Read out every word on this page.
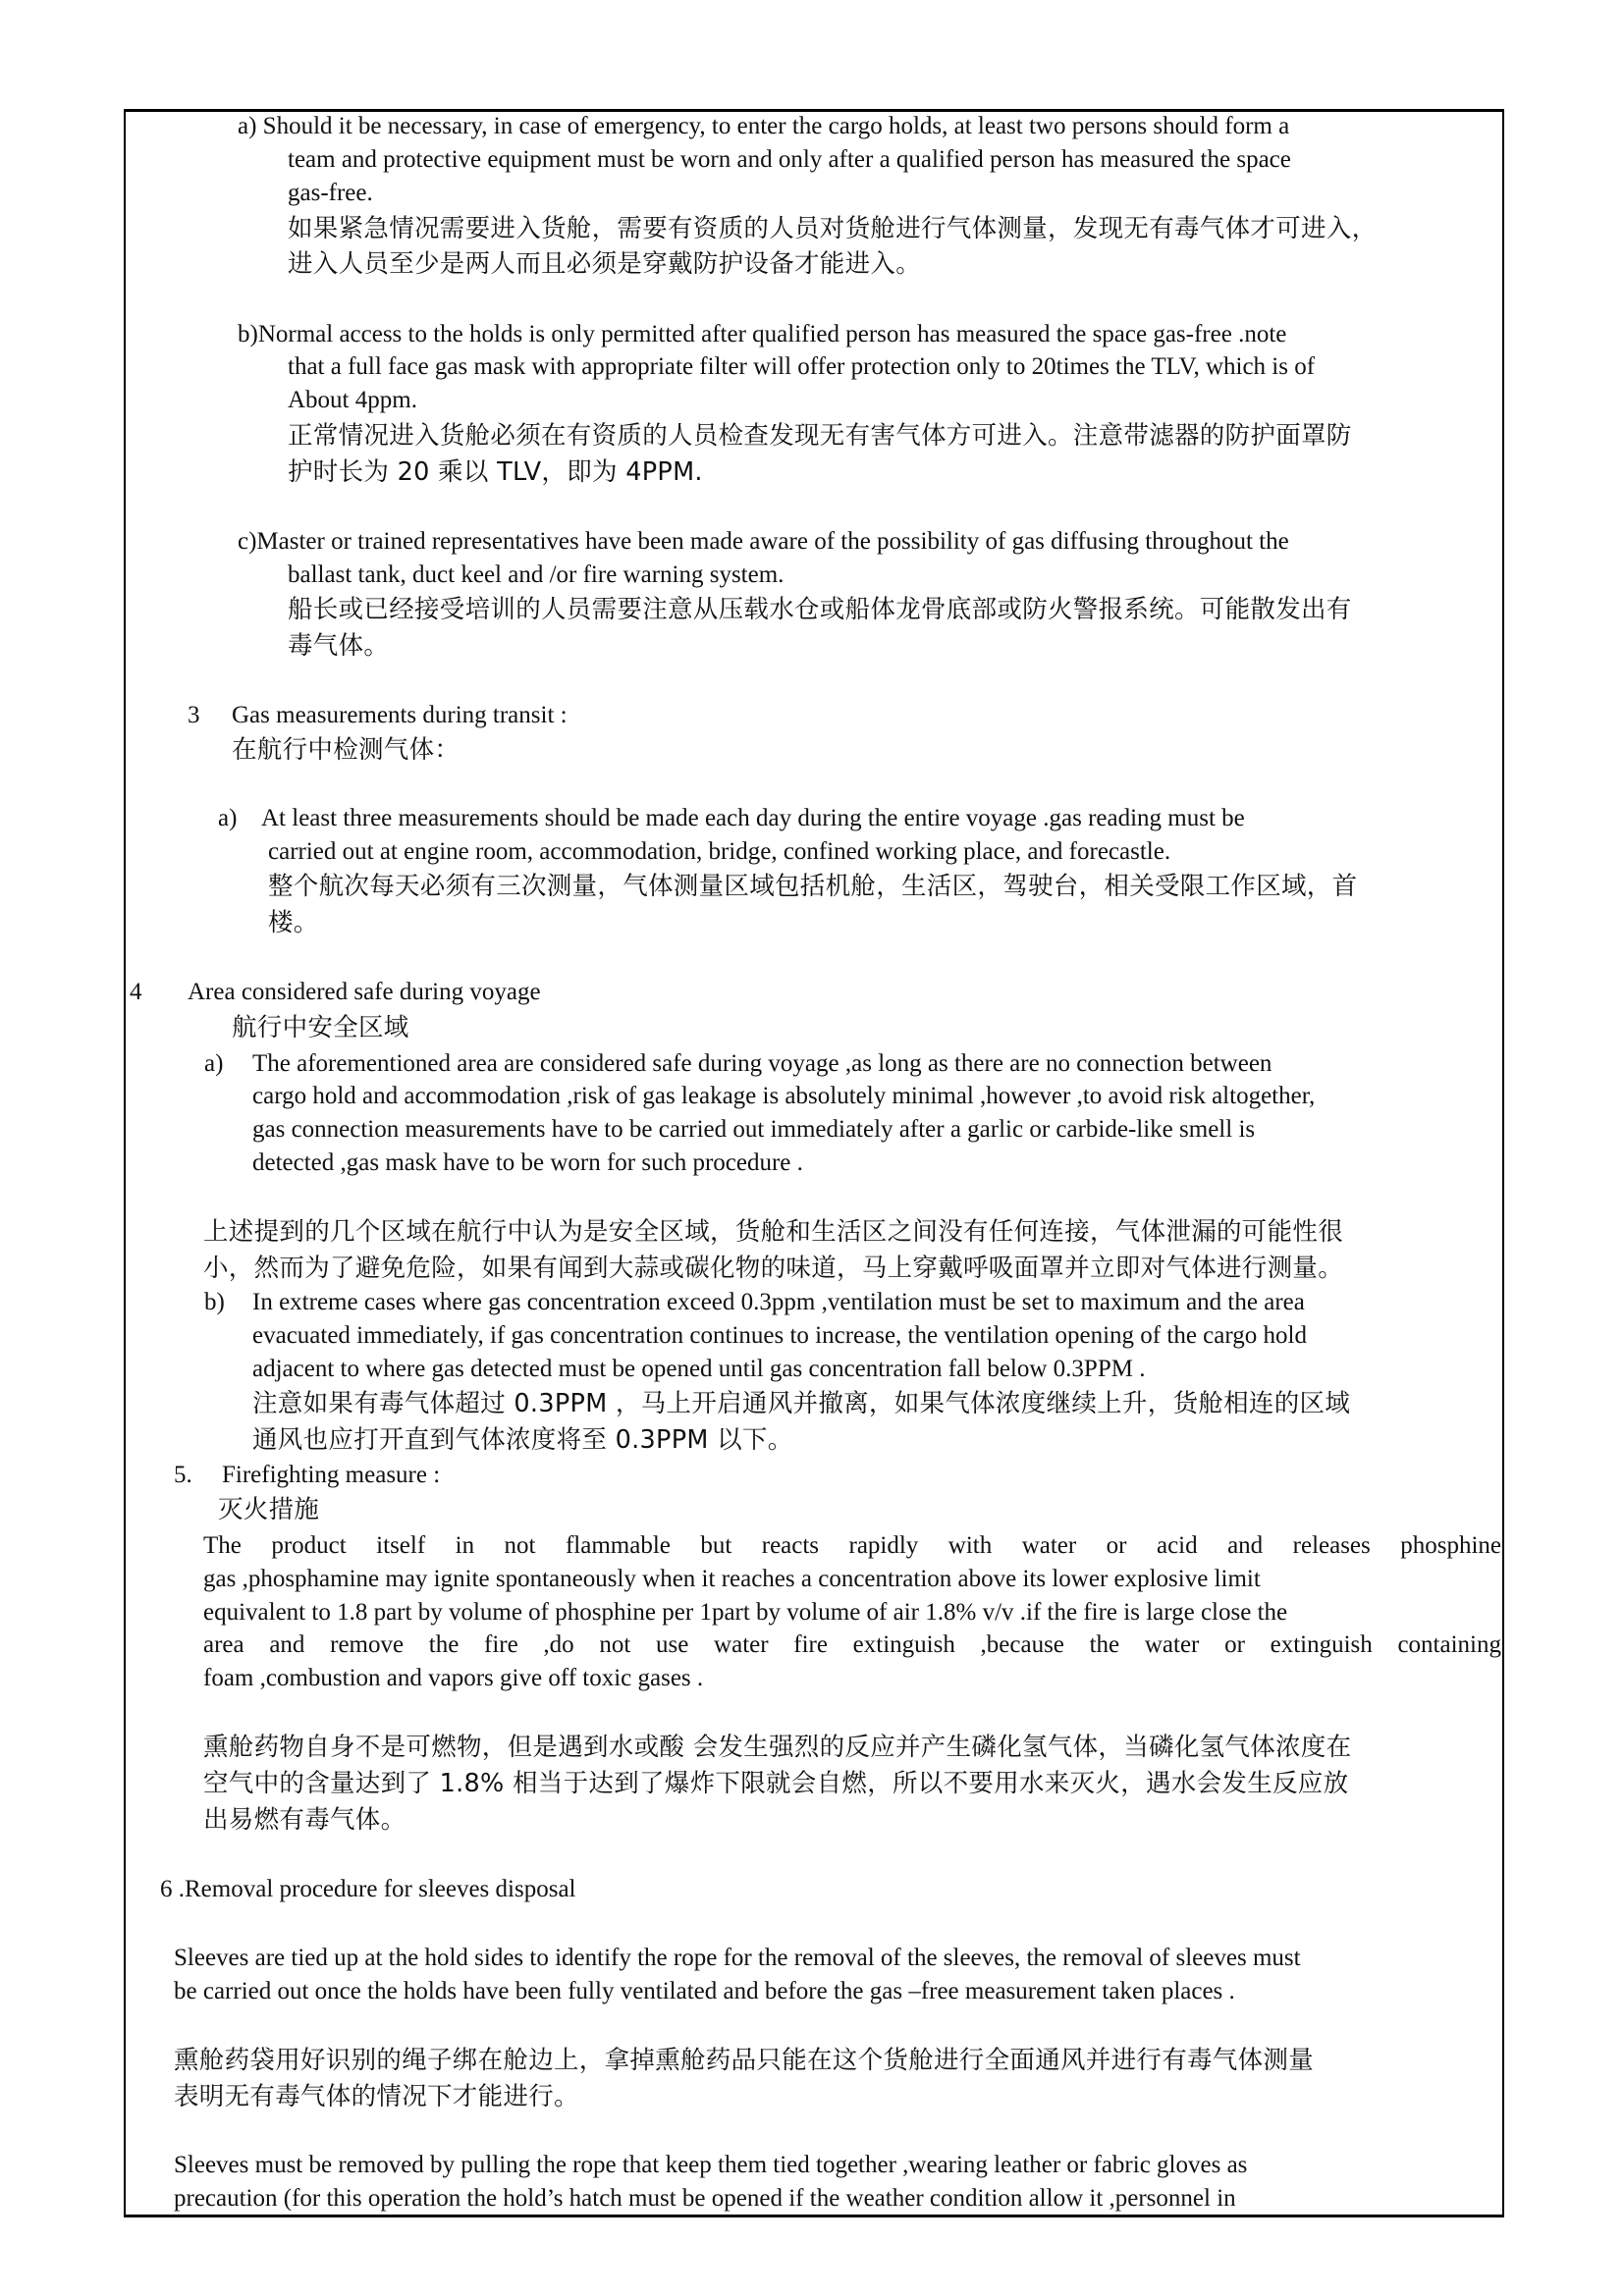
a) Should it be necessary, in case of emergency, to enter the cargo holds, at least two persons should form a
team and protective equipment must be worn and only after a qualified person has measured the space
gas-free.
如果紧急情况需要进入货舱，需要有资质的人员对货舱进行气体测量，发现无有毒气体才可进入，
进入人员至少是两人而且必须是穿戴防护设备才能进入。
b)Normal access to the holds is only permitted after qualified person has measured the space gas-free .note
that a full face gas mask with appropriate filter will offer protection only to 20times the TLV, which is of
About 4ppm.
正常情况进入货舱必须在有资质的人员检查发现无有害气体方可进入。注意带滤器的防护面罩防
护时长为 20 乘以 TLV，即为 4PPM.
c)Master or trained representatives have been made aware of the possibility of gas diffusing throughout the
ballast tank, duct keel and /or fire warning system.
船长或已经接受培训的人员需要注意从压载水仓或船体龙骨底部或防火警报系统。可能散发出有
毒气体。
3 Gas measurements during transit :
在航行中检测气体：
a) At least three measurements should be made each day during the entire voyage .gas reading must be
carried out at engine room, accommodation, bridge, confined working place, and forecastle.
整个航次每天必须有三次测量，气体测量区域包括机舱，生活区，驾驶台，相关受限工作区域，首
楼。
4 Area considered safe during voyage
航行中安全区域
a) The aforementioned area are considered safe during voyage ,as long as there are no connection between
cargo hold and accommodation ,risk of gas leakage is absolutely minimal ,however ,to avoid risk altogether,
gas connection measurements have to be carried out immediately after a garlic or carbide-like smell is
detected ,gas mask have to be worn for such procedure .
上述提到的几个区域在航行中认为是安全区域，货舱和生活区之间没有任何连接，气体泄漏的可能性很
小，然而为了避免危险，如果有闻到大蒜或碳化物的味道，马上穿戴呼吸面罩并立即对气体进行测量。
b) In extreme cases where gas concentration exceed 0.3ppm ,ventilation must be set to maximum and the area
evacuated immediately, if gas concentration continues to increase, the ventilation opening of the cargo hold
adjacent to where gas detected must be opened until gas concentration fall below 0.3PPM .
注意如果有毒气体超过 0.3PPM ，马上开启通风并撤离，如果气体浓度继续上升，货舱相连的区域
通风也应打开直到气体浓度将至 0.3PPM 以下。
5. Firefighting measure :
灭火措施
The product itself in not flammable but reacts rapidly with water or acid and releases phosphine
gas ,phosphamine may ignite spontaneously when it reaches a concentration above its lower explosive limit
equivalent to 1.8 part by volume of phosphine per 1part by volume of air 1.8% v/v .if the fire is large close the
area and remove the fire ,do not use water fire extinguish ,because the water or extinguish containing
foam ,combustion and vapors give off toxic gases .
熏舱药物自身不是可燃物，但是遇到水或酸 会发生强烈的反应并产生磷化氢气体，当磷化氢气体浓度在
空气中的含量达到了 1.8% 相当于达到了爆炸下限就会自燃，所以不要用水来灭火，遇水会发生反应放
出易燃有毒气体。
6 .Removal procedure for sleeves disposal
Sleeves are tied up at the hold sides to identify the rope for the removal of the sleeves, the removal of sleeves must
be carried out once the holds have been fully ventilated and before the gas –free measurement taken places .
熏舱药袋用好识别的绳子绑在舱边上，拿掉熏舱药品只能在这个货舱进行全面通风并进行有毒气体测量
表明无有毒气体的情况下才能进行。
Sleeves must be removed by pulling the rope that keep them tied together ,wearing leather or fabric gloves as
precaution (for this operation the hold’s hatch must be opened if the weather condition allow it ,personnel in
